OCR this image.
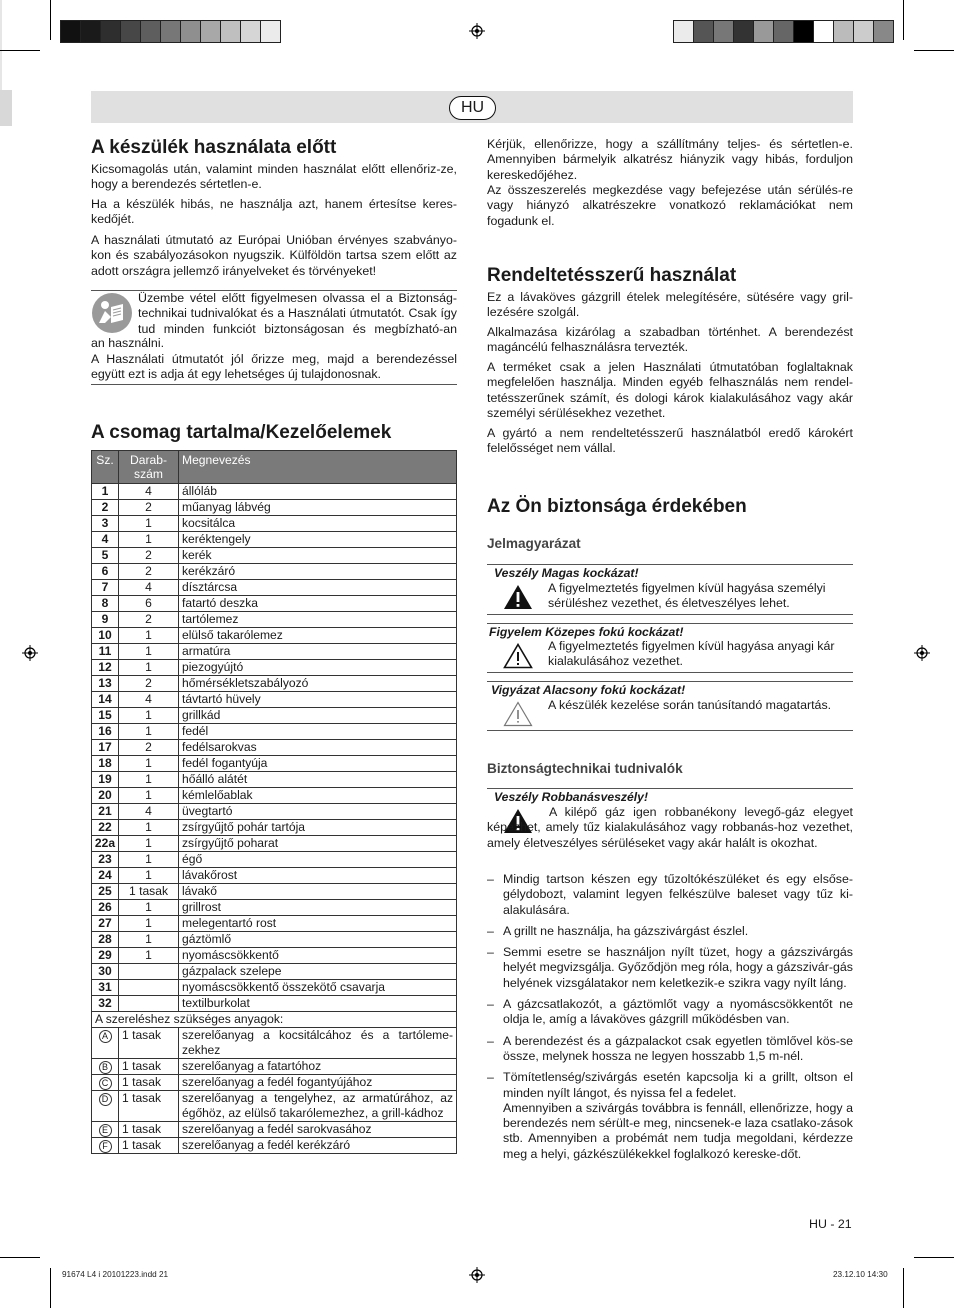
HU
A készülék használata előtt

Kicsomagolás után, valamint minden használat előtt ellenőriz-ze, hogy a berendezés sértetlen-e.

Ha a készülék hibás, ne használja azt, hanem értesítse keres-kedőjét.

A használati útmutató az Európai Unióban érvényes szabványo-kon és szabályozásokon nyugszik. Külföldön tartsa szem előtt az adott országra jellemző irányelveket és törvényeket!

Üzembe vétel előtt figyelmesen olvassa el a Biztonság-technikai tudnivalókat és a Használati útmutatót. Csak így tud minden funkciót biztonságosan és megbízható-an
an használni.

A Használati útmutatót jól őrizze meg, majd a berendezéssel együtt ezt is adja át egy lehetséges új tulajdonosnak.

A csomag tartalma/Kezelőelemek
Sz.	Darab-szám	Megnevezés
1	4	állóláb
2	2	műanyag lábvég
3	1	kocsitálca
4	1	keréktengely
5	2	kerék
6	2	kerékzáró
7	4	dísztárcsa
8	6	fatartó deszka
9	2	tartólemez
10	1	elülső takarólemez
11	1	armatúra
12	1	piezogyújtó
13	2	hőmérsékletszabályozó
14	4	távtartó hüvely
15	1	grillkád
16	1	fedél
17	2	fedélsarokvas
18	1	fedél fogantyúja
19	1	hőálló alátét
20	1	kémlelőablak
21	4	üvegtartó
22	1	zsírgyűjtő pohár tartója
22a	1	zsírgyűjtő poharat
23	1	égő
24	1	lávakőrost
25	1 tasak	lávakő
26	1	grillrost
27	1	melegentartó rost
28	1	gáztömlő
29	1	nyomáscsökkentő
30		gázpalack szelepe
31		nyomáscsökkentő összekötő csavarja
32		textilburkolat
A szereléshez szükséges anyagok:		
A	1 tasak	szerelőanyag a kocsitálcához és a tartóleme-zekhez
B	1 tasak	szerelőanyag a fatartóhoz
C	1 tasak	szerelőanyag a fedél fogantyújához
D	1 tasak	szerelőanyag a tengelyhez, az armatúrához, az égőhöz, az elülső takarólemezhez, a grill-kádhoz
E	1 tasak	szerelőanyag a fedél sarokvasához
F	1 tasak	szerelőanyag a fedél kerékzáró

Kérjük, ellenőrizze, hogy a szállítmány teljes- és sértetlen-e. Amennyiben bármelyik alkatrész hiányzik vagy hibás, forduljon kereskedőjéhez.

Az összeszerelés megkezdése vagy befejezése után sérülés-re vagy hiányzó alkatrészekre vonatkozó reklamációkat nem fogadunk el.

Rendeltetésszerű használat

Ez a lávaköves gázgrill ételek melegítésére, sütésére vagy gril-lezésére szolgál.

Alkalmazása kizárólag a szabadban történhet. A berendezést magáncélú felhasználásra tervezték.

A terméket csak a jelen Használati útmutatóban foglaltaknak megfelelően használja. Minden egyéb felhasználás nem rendel-tetésszerűnek számít, és dologi károk kialakulásához vagy akár személyi sérülésekhez vezethet.

A gyártó a nem rendeltetésszerű használatból eredő károkért felelősséget nem vállal.

Az Ön biztonsága érdekében
Jelmagyarázat
Veszély Magas kockázat!

A figyelmeztetés figyelmen kívül hagyása személyi sérüléshez vezethet, és életveszélyes lehet.

Figyelem Közepes fokú kockázat!

A figyelmeztetés figyelmen kívül hagyása anyagi kár kialakulásához vezethet.

Vigyázat Alacsony fokú kockázat!

A készülék kezelése során tanúsítandó magatartás.

Biztonságtechnikai tudnivalók
Veszély Robbanásveszély!
A kilépő gáz igen robbanékony levegő-gáz elegyet képezhet, amely tűz kialakulásához vagy robbanás-hoz vezethet, amely életveszélyes sérüléseket vagy akár halált is okozhat.
– Mindig tartson készen egy tűzoltókészüléket és egy elsőse-gélydobozt, valamint legyen felkészülve baleset vagy tűz ki-alakulására.
– A grillt ne használja, ha gázszivárgást észlel.
– Semmi esetre se használjon nyílt tüzet, hogy a gázszivárgás helyét megvizsgálja. Győződjön meg róla, hogy a gázszivár-gás helyének vizsgálatakor nem keletkezik-e szikra vagy nyílt láng.
– A gázcsatlakozót, a gáztömlőt vagy a nyomáscsökkentőt ne oldja le, amíg a lávaköves gázgrill működésben van.
– A berendezést és a gázpalackot csak egyetlen tömlővel kös-se össze, melynek hossza ne legyen hosszabb 1,5 m-nél.
– Tömítetlenség/szivárgás esetén kapcsolja ki a grillt, oltson el minden nyílt lángot, és nyissa fel a fedelet.
Amennyiben a szivárgás továbbra is fennáll, ellenőrizze, hogy a berendezés nem sérült-e meg, nincsenek-e laza csatlako-zások stb. Amennyiben a probémát nem tudja megoldani, kérdezze meg a helyi, gázkészülékekkel foglalkozó kereske-dőt.
HU - 21
91674 L4 i 20101223.indd 21	23.12.10 14:30
